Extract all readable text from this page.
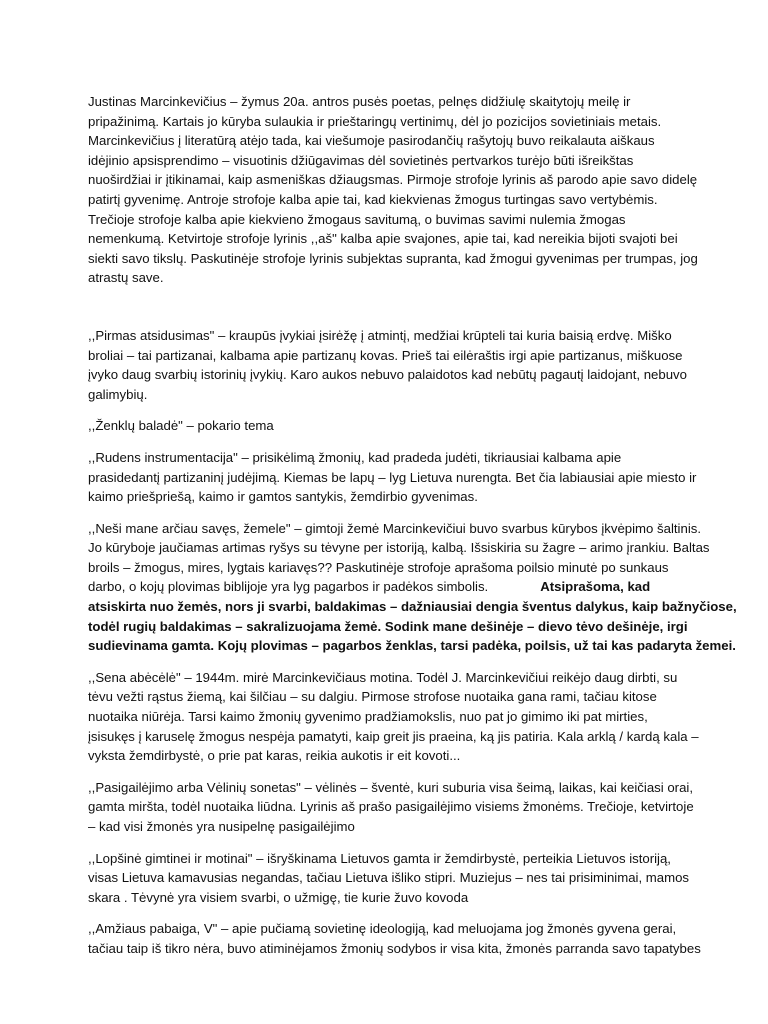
Justinas Marcinkevičius – žymus 20a. antros pusės poetas, pelnęs didžiulę skaitytojų meilę ir
pripažinimą. Kartais jo kūryba sulaukia ir prieštaringų vertinimų, dėl jo pozicijos sovietiniais metais.
Marcinkevičius į literatūrą atėjo tada, kai viešumoje pasirodančių rašytojų buvo reikalauta aiškaus
idėjinio apsisprendimo – visuotinis džiūgavimas dėl sovietinės pertvarkos turėjo būti išreikštas
nuoširdžiai ir įtikinamai, kaip asmeniškas džiaugsmas. Pirmoje strofoje lyrinis aš parodo apie savo didelę
patirtį gyvenimę. Antroje strofoje kalba apie tai, kad kiekvienas žmogus turtingas savo vertybėmis.
Trečioje strofoje kalba apie kiekvieno žmogaus savitumą, o buvimas savimi nulemia žmogas
nemenkumą. Ketvirtoje strofoje lyrinis ,,aš" kalba apie svajones, apie tai, kad nereikia bijoti svajoti bei
siekti savo tikslų. Paskutinėje strofoje lyrinis subjektas supranta, kad žmogui gyvenimas per trumpas, jog
atrastų save.

,,Pirmas atsidusimas" – kraupūs įvykiai įsirėžę į atmintį, medžiai krūpteli tai kuria baisią erdvę. Miško
broliai – tai partizanai, kalbama apie partizanų kovas. Prieš tai eilėraštis irgi apie partizanus, miškuose
įvyko daug svarbių istorinių įvykių. Karo aukos nebuvo palaidotos kad nebūtų pagautį laidojant, nebuvo
galimybių.

,,Ženklų baladė" – pokario tema

,,Rudens instrumentacija" – prisikėlimą žmonių, kad pradeda judėti, tikriausiai kalbama apie
prasidedantį partizaninį judėjimą. Kiemas be lapų – lyg Lietuva nurengta. Bet čia labiausiai apie miesto ir
kaimo priešpriešą, kaimo ir gamtos santykis, žemdirbio gyvenimas.

,,Neši mane arčiau savęs, žemele" – gimtoji žemė Marcinkevičiui buvo svarbus kūrybos įkvėpimo šaltinis.
Jo kūryboje jaučiamas artimas ryšys su tėvyne per istoriją, kalbą. Išsiskiria su žagre – arimo įrankiu. Baltas
broils – žmogus, mires, lygtais kariavęs?? Paskutinėje strofoje aprašoma poilsio minutė po sunkaus
darbo, o kojų plovimas biblijoje yra lyg pagarbos ir padėkos simbolis.	Atsiprašoma, kad
atsiskirta nuo žemės, nors ji svarbi, baldakimas – dažniausiai dengia šventus dalykus, kaip bažnyčiose,
todėl rugių baldakimas – sakralizuojama žemė. Sodink mane dešinėje – dievo tėvo dešinėje, irgi
sudievinama gamta. Kojų plovimas – pagarbos ženklas, tarsi padėka, poilsis, už tai kas padaryta žemei.

,,Sena abėcėlė" – 1944m. mirė Marcinkevičiaus motina. Todėl J. Marcinkevičiui reikėjo daug dirbti, su
tėvu vežti rąstus žiemą, kai šilčiau – su dalgiu. Pirmose strofose nuotaika gana rami, tačiau kitose
nuotaika niūrėja. Tarsi kaimo žmonių gyvenimo pradžiamokslis, nuo pat jo gimimo iki pat mirties,
įsisukęs į karuselę žmogus nespėja pamatyti, kaip greit jis praeina, ką jis patiria. Kala arklą / kardą kala –
vyksta žemdirbystė, o prie pat karas, reikia aukotis ir eit kovoti...

,,Pasigailėjimo arba Vėlinių sonetas" – vėlinės – šventė, kuri suburia visa šeimą, laikas, kai keičiasi orai,
gamta miršta, todėl nuotaika liūdna. Lyrinis aš prašo pasigailėjimo visiems žmonėms. Trečioje, ketvirtoje
– kad visi žmonės yra nusipelnę pasigailėjimo

,,Lopšinė gimtinei ir motinai" – išryškinama Lietuvos gamta ir žemdirbystė, perteikia Lietuvos istoriją,
visas Lietuva kamavusias negandas, tačiau Lietuva išliko stipri. Muziejus – nes tai prisiminimai, mamos
skara . Tėvynė yra visiem svarbi, o užmigę, tie kurie žuvo kovoda

,,Amžiaus pabaiga, V" – apie pučiamą sovietinę ideologiją, kad meluojama jog žmonės gyvena gerai,
tačiau taip iš tikro nėra, buvo atiminėjamos žmonių sodybos ir visa kita, žmonės parranda savo tapatybes
